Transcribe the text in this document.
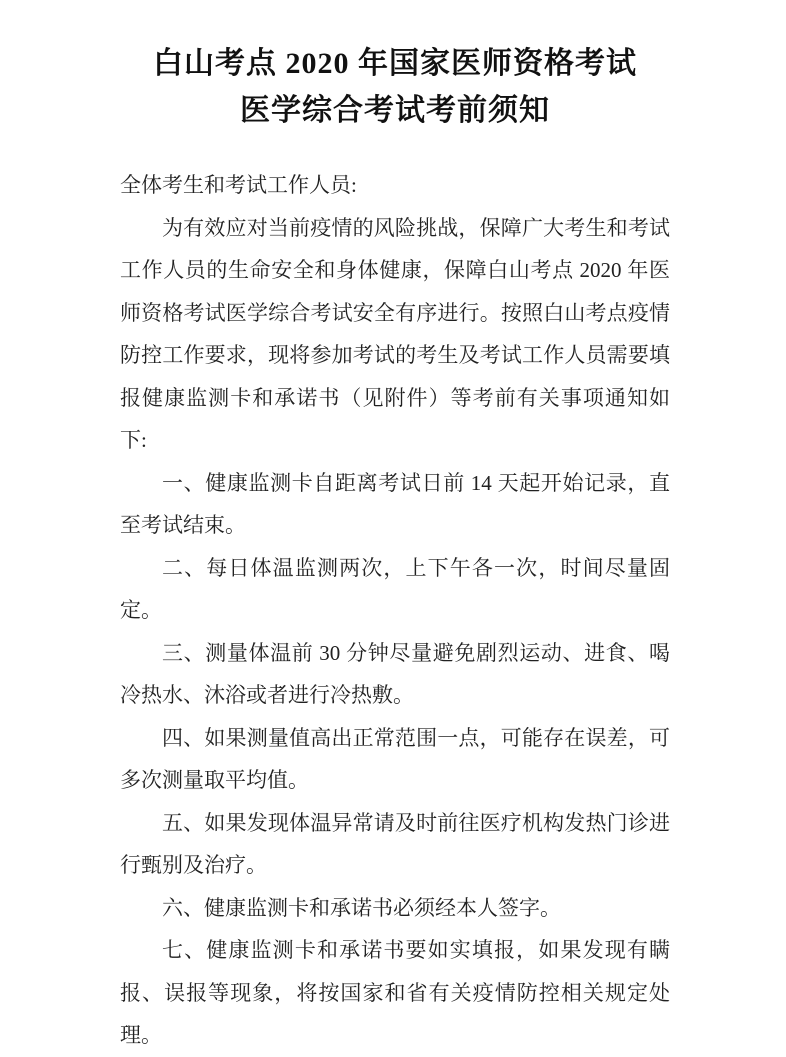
白山考点 2020 年国家医师资格考试
医学综合考试考前须知

全体考生和考试工作人员:

为有效应对当前疫情的风险挑战，保障广大考生和考试工作人员的生命安全和身体健康，保障白山考点 2020 年医师资格考试医学综合考试安全有序进行。按照白山考点疫情防控工作要求，现将参加考试的考生及考试工作人员需要填报健康监测卡和承诺书（见附件）等考前有关事项通知如下:

一、健康监测卡自距离考试日前 14 天起开始记录，直至考试结束。

二、每日体温监测两次，上下午各一次，时间尽量固定。

三、测量体温前 30 分钟尽量避免剧烈运动、进食、喝冷热水、沐浴或者进行冷热敷。

四、如果测量值高出正常范围一点，可能存在误差，可多次测量取平均值。

五、如果发现体温异常请及时前往医疗机构发热门诊进行甄别及治疗。

六、健康监测卡和承诺书必须经本人签字。

七、健康监测卡和承诺书要如实填报，如果发现有瞒报、误报等现象，将按国家和省有关疫情防控相关规定处理。
